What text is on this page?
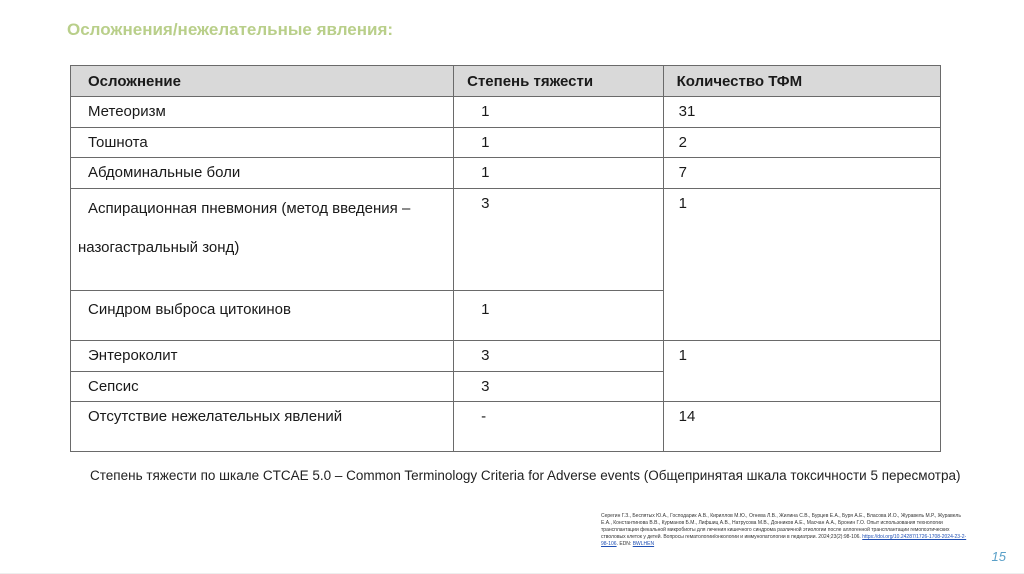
Осложнения/нежелательные явления:
Осложнение	Степень тяжести	Количество ТФМ

Метеоризм	1	31

Тошнота	1	2

Абдоминальные боли	1	7

Аспирационная пневмония (метод введения –
назогастральный зонд)	3	1

Синдром выброса цитокинов	1	

Энтероколит	3	1

Сепсис	3	

Отсутствие нежелательных явлений	-	14
Степень тяжести по шкале CTCAE 5.0 – Common Terminology Criteria for Adverse events (Общепринятая шкала токсичности 5 пересмотра)
Серегин Г.З., Беспятых Ю.А., Господарик А.В., Кириллов М.Ю., Огнева Л.В., Жилина С.В., Бурцев Е.А., Буря А.Е., Власова И.О., Журавель М.Р., Журавель Е.А., Константинова В.В., Курманов Б.М., Лифшиц А.В., Натрусова М.В., Донников А.Е., Масчан А.А., Бронин Г.О. Опыт использования технологии трансплантации фекальной микробиоты для лечения кишечного синдрома различной этиологии после аллогенной трансплантации гемопоэтических стволовых клеток у детей. Вопросы гематологии/онкологии и иммунопатологии в педиатрии. 2024;23(2):98-106. https://doi.org/10.24287/1726-1708-2024-23-2-98-106. EDN: BWLHEN
15
